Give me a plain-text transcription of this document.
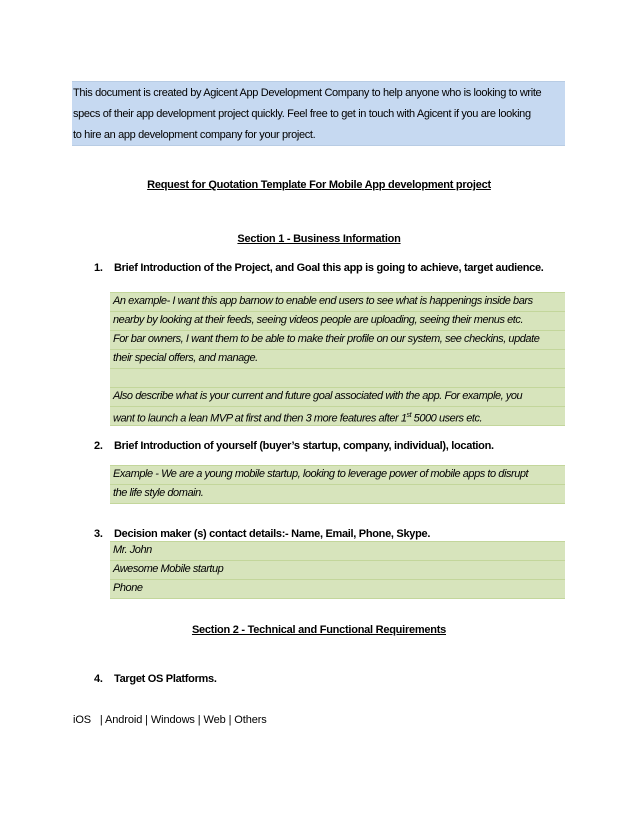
This document is created by Agicent App Development Company to help anyone who is looking to write
specs of their app development project quickly. Feel free to get in touch with Agicent if you are looking
to hire an app development company for your project.
Request for Quotation Template For Mobile App development project
Section 1 - Business Information
1. Brief Introduction of the Project, and Goal this app is going to achieve, target audience.
An example- I want this app barnow to enable end users to see what is happenings inside bars
nearby by looking at their feeds, seeing videos people are uploading, seeing their menus etc.
For bar owners, I want them to be able to make their profile on our system, see checkins, update
their special offers, and manage.
Also describe what is your current and future goal associated with the app. For example, you
want to launch a lean MVP at first and then 3 more features after 1st 5000 users etc.
2. Brief Introduction of yourself (buyer’s startup, company, individual), location.
Example - We are a young mobile startup, looking to leverage power of mobile apps to disrupt
the life style domain.
3. Decision maker (s) contact details:- Name, Email, Phone, Skype.
Mr. John
Awesome Mobile startup
Phone
Section 2 - Technical and Functional Requirements
4. Target OS Platforms.
iOS   | Android | Windows | Web | Others
